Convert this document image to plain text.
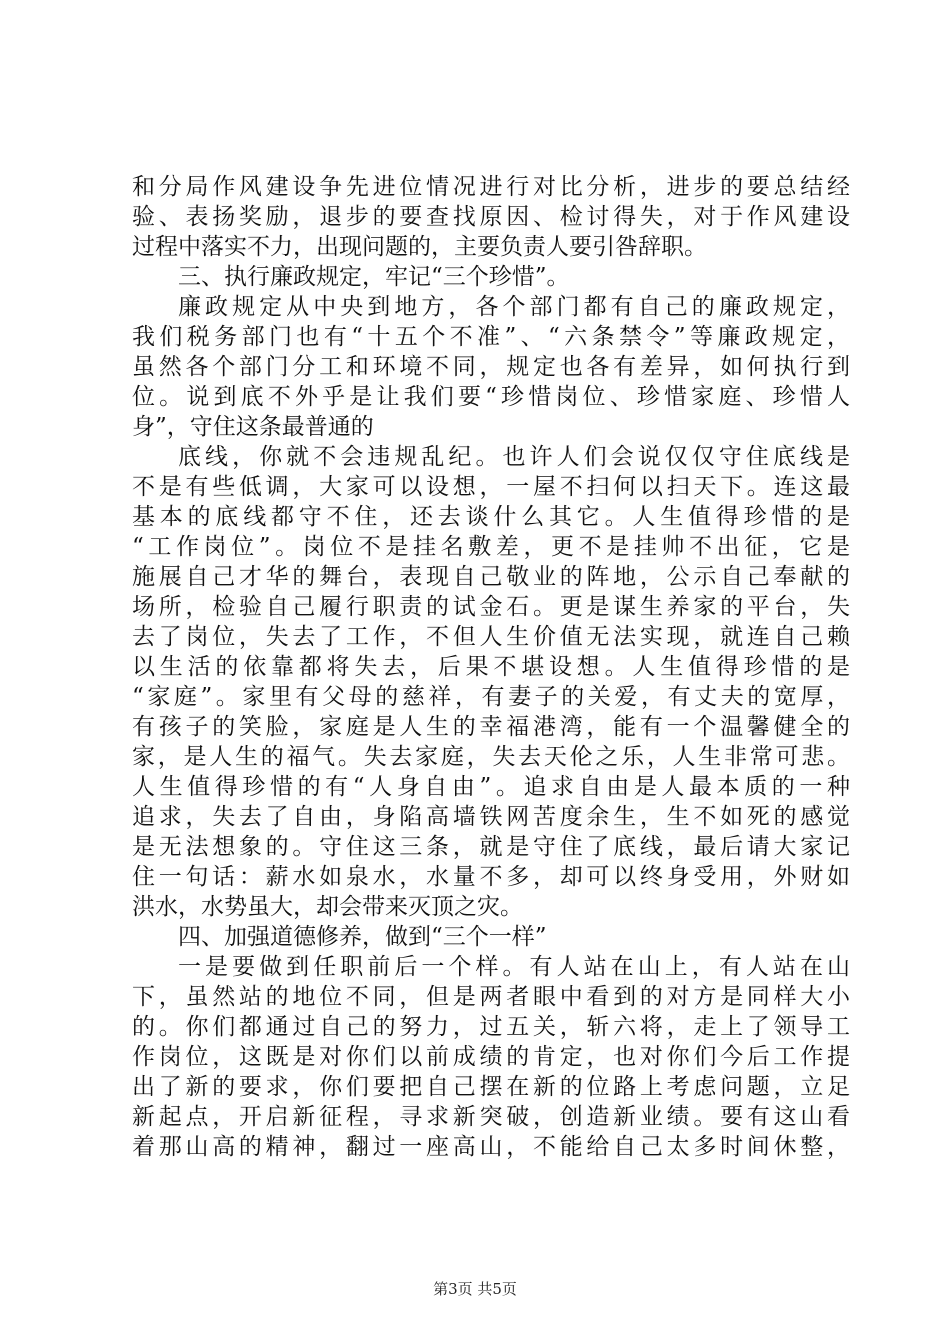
和分局作风建设争先进位情况进行对比分析，进步的要总结经
验、表扬奖励，退步的要查找原因、检讨得失，对于作风建设
过程中落实不力，出现问题的，主要负责人要引咎辞职。
三、执行廉政规定，牢记“三个珍惜”。
廉政规定从中央到地方，各个部门都有自己的廉政规定，
我们税务部门也有“十五个不准”、“六条禁令”等廉政规定，
虽然各个部门分工和环境不同，规定也各有差异，如何执行到
位。说到底不外乎是让我们要“珍惜岗位、珍惜家庭、珍惜人
身”，守住这条最普通的
底线，你就不会违规乱纪。也许人们会说仅仅守住底线是
不是有些低调，大家可以设想，一屋不扫何以扫天下。连这最
基本的底线都守不住，还去谈什么其它。人生值得珍惜的是
“工作岗位”。岗位不是挂名敷差，更不是挂帅不出征，它是
施展自己才华的舞台，表现自己敬业的阵地，公示自己奉献的
场所，检验自己履行职责的试金石。更是谋生养家的平台，失
去了岗位，失去了工作，不但人生价值无法实现，就连自己赖
以生活的依靠都将失去，后果不堪设想。人生值得珍惜的是
“家庭”。家里有父母的慈祥，有妻子的关爱，有丈夫的宽厚，
有孩子的笑脸，家庭是人生的幸福港湾，能有一个温馨健全的
家，是人生的福气。失去家庭，失去天伦之乐，人生非常可悲。
人生值得珍惜的有“人身自由”。追求自由是人最本质的一种
追求，失去了自由，身陷高墙铁网苦度余生，生不如死的感觉
是无法想象的。守住这三条，就是守住了底线，最后请大家记
住一句话：薪水如泉水，水量不多，却可以终身受用，外财如
洪水，水势虽大，却会带来灭顶之灾。
四、加强道德修养，做到“三个一样”
一是要做到任职前后一个样。有人站在山上，有人站在山
下，虽然站的地位不同，但是两者眼中看到的对方是同样大小
的。你们都通过自己的努力，过五关，斩六将，走上了领导工
作岗位，这既是对你们以前成绩的肯定，也对你们今后工作提
出了新的要求，你们要把自己摆在新的位路上考虑问题，立足
新起点，开启新征程，寻求新突破，创造新业绩。要有这山看
着那山高的精神，翻过一座高山，不能给自己太多时间休整，
第3页 共5页
